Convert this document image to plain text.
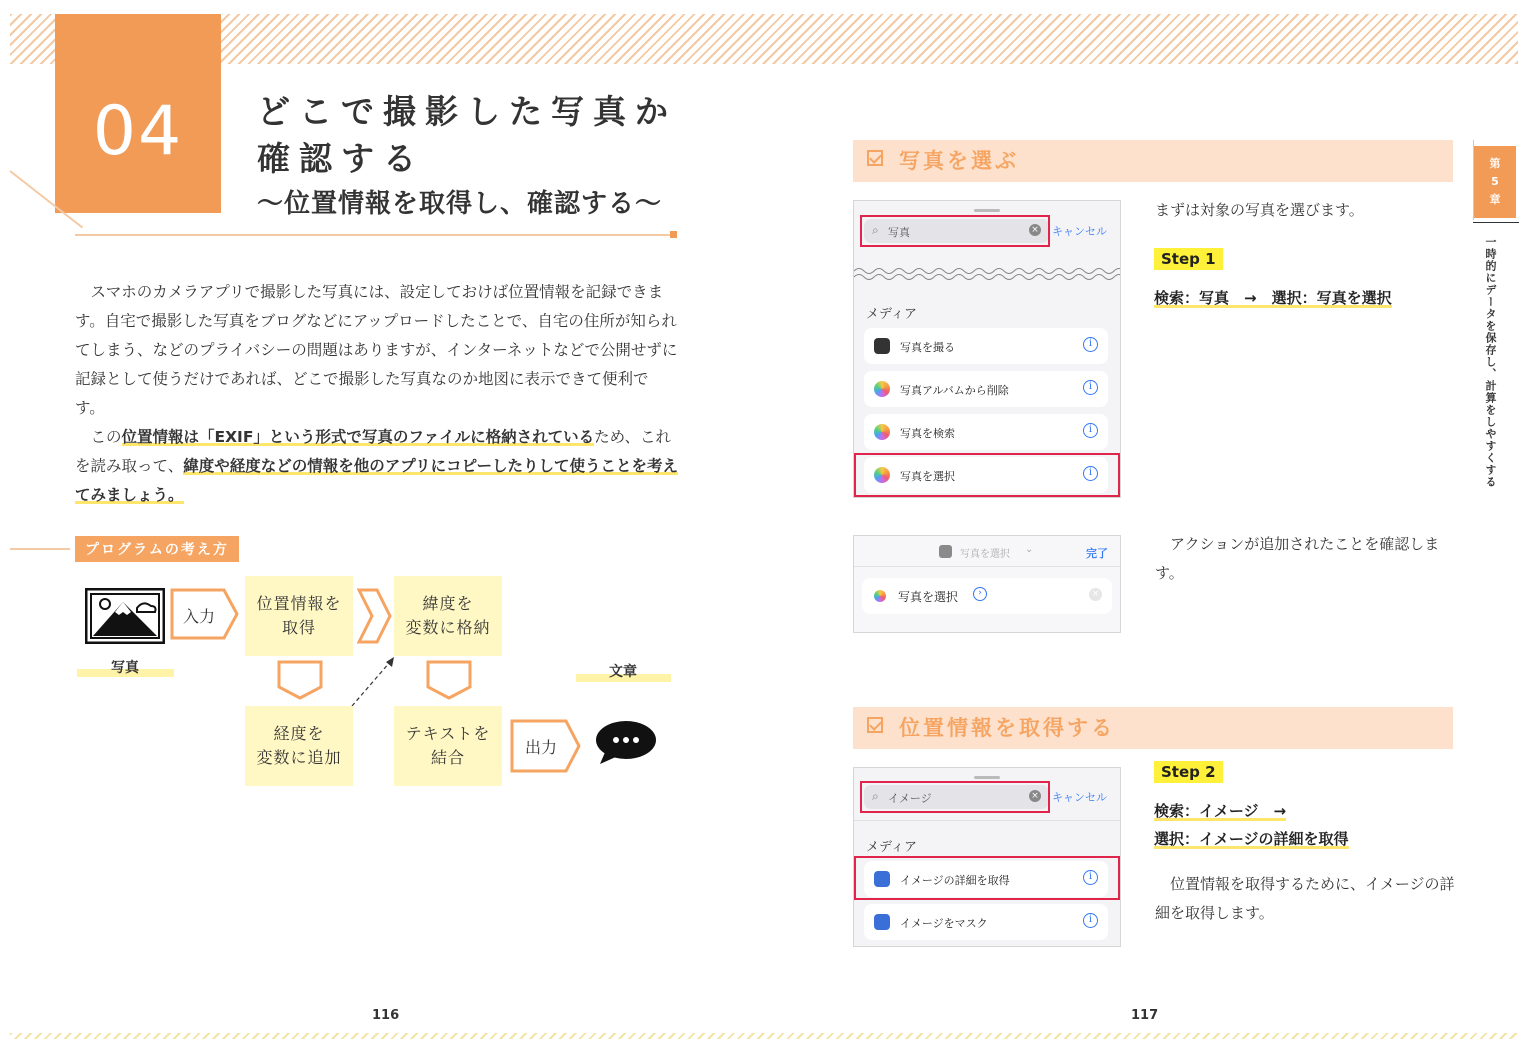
04	どこで撮影した写真か
確認する
〜位置情報を取得し、確認する〜
　スマホのカメラアプリで撮影した写真には、設定しておけば位置情報を記録できます。自宅で撮影した写真をブログなどにアップロードしたことで、自宅の住所が知られてしまう、などのプライバシーの問題はありますが、インターネットなどで公開せずに記録として使うだけであれば、どこで撮影した写真なのか地図に表示できて便利です。
　この位置情報は「EXIF」という形式で写真のファイルに格納されているため、これを読み取って、緯度や経度などの情報を他のアプリにコピーしたりして使うことを考えてみましょう。
プログラムの考え方
写真
入力
位置情報を
取得
緯度を
変数に格納
経度を
変数に追加
テキストを
結合
出力
文章
写真を選ぶ
⌕ 写真	× キャンセル
メディア
写真を撮る	i
写真アルバムから削除	i
写真を検索	i
写真を選択	i
まずは対象の写真を選びます。
Step 1
検索：写真　→　選択：写真を選択
写真を選択 ⌄	完了
写真を選択	›	×
アクションが追加されたことを確認します。
位置情報を取得する
⌕ イメージ	× キャンセル
メディア
イメージの詳細を取得	i
イメージをマスク	i
Step 2
検索：イメージ　→
選択：イメージの詳細を取得
位置情報を取得するために、イメージの詳細を取得します。
第
5
章
一時的にデータを保存し、計算をしやすくする
116	117
